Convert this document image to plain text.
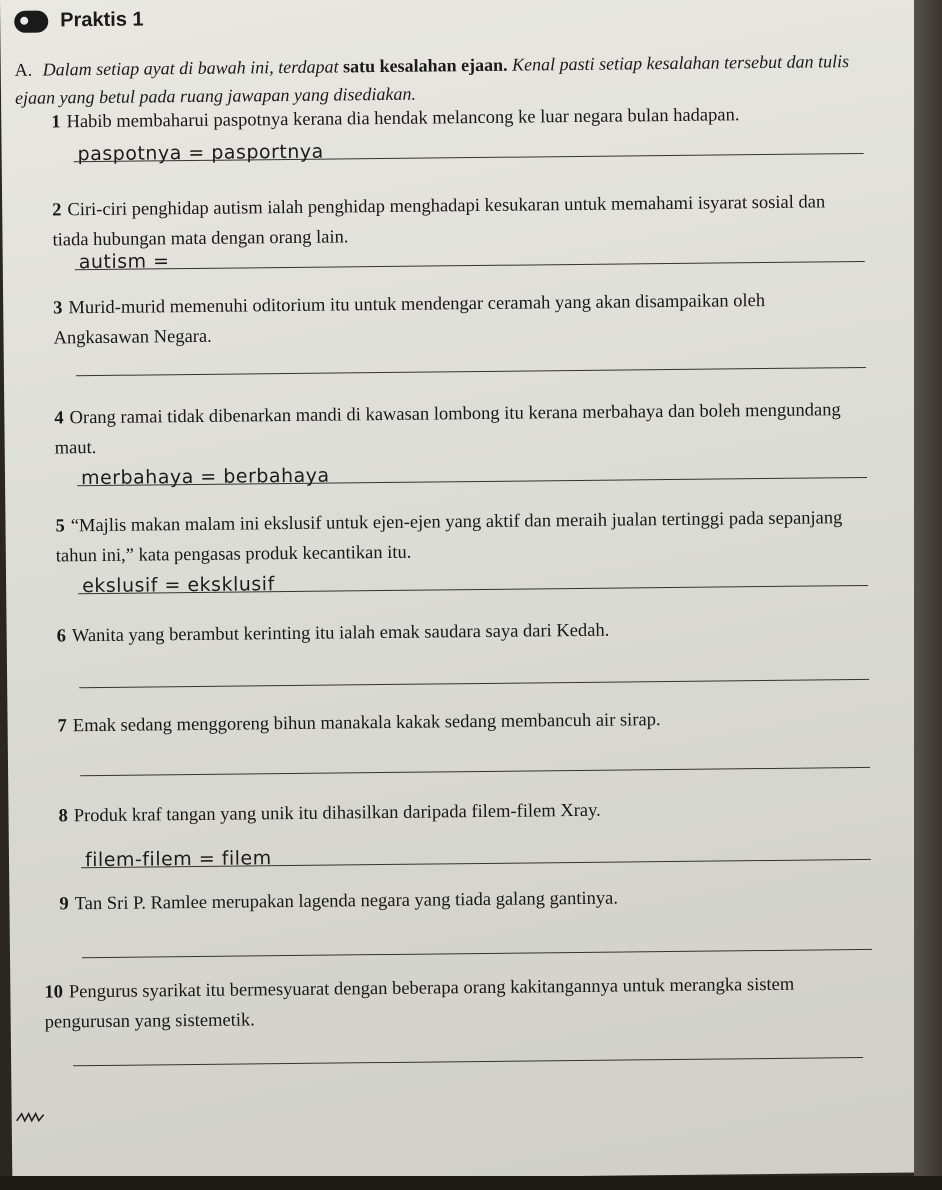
Praktis 1
A. Dalam setiap ayat di bawah ini, terdapat satu kesalahan ejaan. Kenal pasti setiap kesalahan tersebut dan tulis ejaan yang betul pada ruang jawapan yang disediakan.
1 Habib membaharui paspotnya kerana dia hendak melancong ke luar negara bulan hadapan.
paspotnya = pasportnya
2 Ciri-ciri penghidap autism ialah penghidap menghadapi kesukaran untuk memahami isyarat sosial dan tiada hubungan mata dengan orang lain.
autism =
3 Murid-murid memenuhi oditorium itu untuk mendengar ceramah yang akan disampaikan oleh Angkasawan Negara.
4 Orang ramai tidak dibenarkan mandi di kawasan lombong itu kerana merbahaya dan boleh mengundang maut.
merbahaya = berbahaya
5 “Majlis makan malam ini ekslusif untuk ejen-ejen yang aktif dan meraih jualan tertinggi pada sepanjang tahun ini,” kata pengasas produk kecantikan itu.
ekslusif = eksklusif
6 Wanita yang berambut kerinting itu ialah emak saudara saya dari Kedah.
7 Emak sedang menggoreng bihun manakala kakak sedang membancuh air sirap.
8 Produk kraf tangan yang unik itu dihasilkan daripada filem-filem Xray.
filem-filem = filem
9 Tan Sri P. Ramlee merupakan lagenda negara yang tiada galang gantinya.
10 Pengurus syarikat itu bermesyuarat dengan beberapa orang kakitangannya untuk merangka sistem pengurusan yang sistemetik.
